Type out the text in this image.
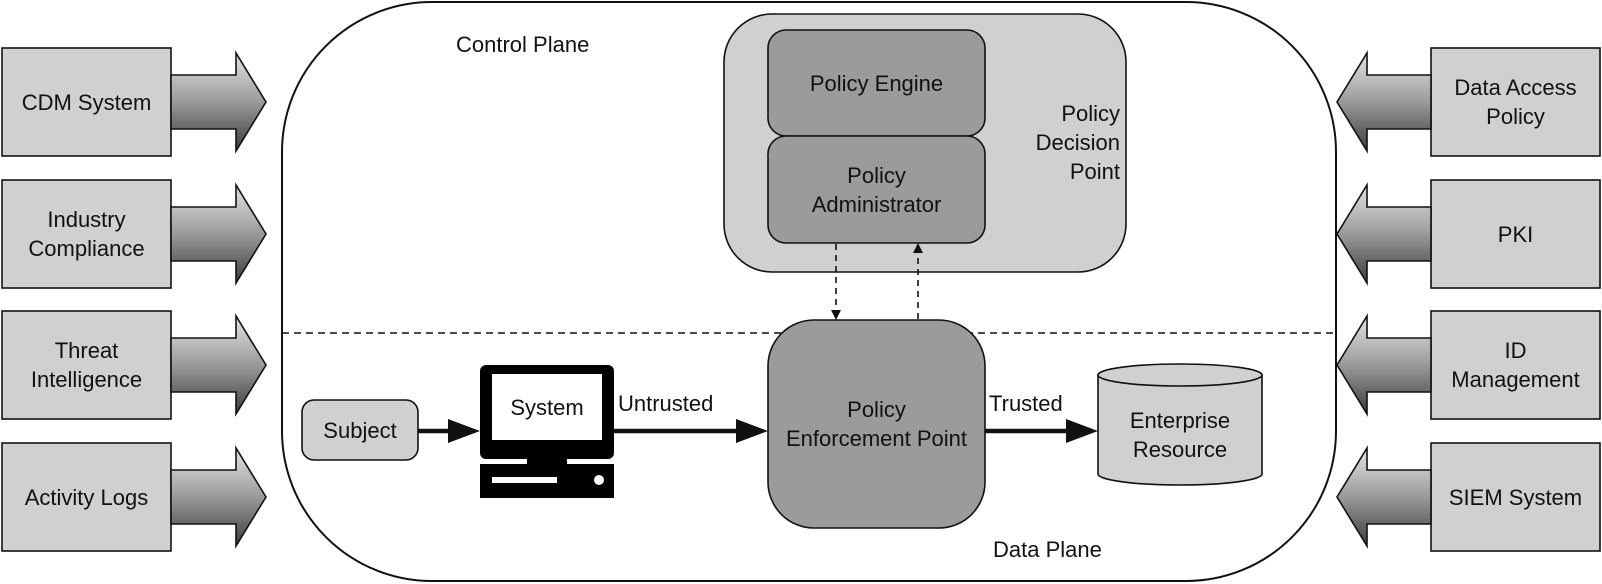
Control Plane
Data Plane
CDM System
Industry
Compliance
Threat
Intelligence
Activity Logs
Data Access
Policy
PKI
ID
Management
SIEM System
Policy Engine
Policy
Administrator
Policy
Decision
Point
Policy
Enforcement Point
Subject
System
Enterprise
Resource
Untrusted	Trusted
